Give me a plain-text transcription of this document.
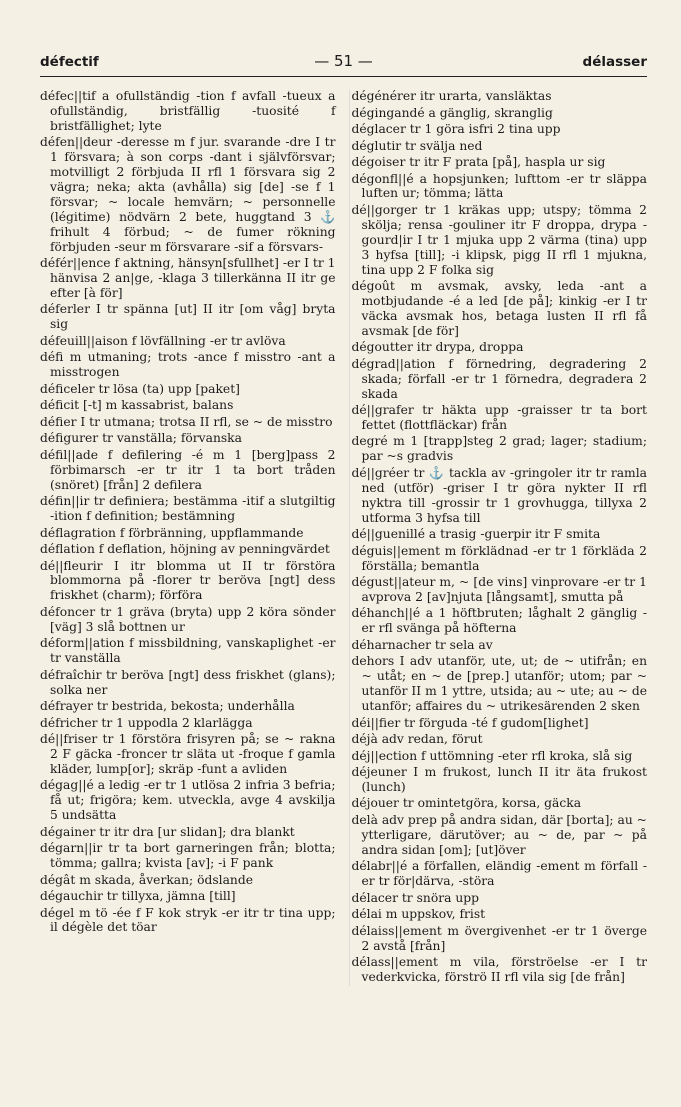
défectif	— 51 —	délasser

défec||tif a ofullständig -tion f avfall -tueux a ofullständig, bristfällig -tuosité f bristfällighet; lyte

défen||deur -deresse m f jur. svarande -dre I tr 1 försvara; à son corps -dant i självförsvar; motvilligt 2 förbjuda II rfl 1 försvara sig 2 vägra; neka; akta (avhålla) sig [de] -se f 1 försvar; ~ locale hemvärn; ~ personnelle (légitime) nödvärn 2 bete, huggtand 3 ⚓ frihult 4 förbud; ~ de fumer rökning förbjuden -seur m försvarare -sif a försvars-

défér||ence f aktning, hänsyn[sfullhet] -er I tr 1 hänvisa 2 an|ge, -klaga 3 tillerkänna II itr ge efter [à för]

déferler I tr spänna [ut] II itr [om våg] bryta sig

défeuill||aison f lövfällning -er tr avlöva

défi m utmaning; trots -ance f misstro -ant a misstrogen

déficeler tr lösa (ta) upp [paket]

déficit [-t] m kassabrist, balans

défier I tr utmana; trotsa II rfl, se ~ de misstro

défigurer tr vanställa; förvanska

défil||ade f defilering -é m 1 [berg]pass 2 förbimarsch -er tr itr 1 ta bort tråden (snöret) [från] 2 defilera

défin||ir tr definiera; bestämma -itif a slutgiltig -ition f definition; bestämning

déflagration f förbränning, uppflammande

déflation f deflation, höjning av penningvärdet

dé||fleurir I itr blomma ut II tr förstöra blommorna på -florer tr beröva [ngt] dess friskhet (charm); förföra

défoncer tr 1 gräva (bryta) upp 2 köra sönder [väg] 3 slå bottnen ur

déform||ation f missbildning, vanskaplighet -er tr vanställa

défraîchir tr beröva [ngt] dess friskhet (glans); solka ner

défrayer tr bestrida, bekosta; underhålla

défricher tr 1 uppodla 2 klarlägga

dé||friser tr 1 förstöra frisyren på; se ~ rakna 2 F gäcka -froncer tr släta ut -froque f gamla kläder, lump[or]; skräp -funt a avliden

dégag||é a ledig -er tr 1 utlösa 2 infria 3 befria; få ut; frigöra; kem. utveckla, avge 4 avskilja 5 undsätta

dégainer tr itr dra [ur slidan]; dra blankt

dégarn||ir tr ta bort garneringen från; blotta; tömma; gallra; kvista [av]; -i F pank

dégât m skada, åverkan; ödslande

dégauchir tr tillyxa, jämna [till]

dégel m tö -ée f F kok stryk -er itr tr tina upp; il dégèle det töar

dégénérer itr urarta, vansläktas

dégingandé a gänglig, skranglig

déglacer tr 1 göra isfri 2 tina upp

déglutir tr svälja ned

dégoiser tr itr F prata [på], haspla ur sig

dégonfl||é a hopsjunken; lufttom -er tr släppa luften ur; tömma; lätta

dé||gorger tr 1 kräkas upp; utspy; tömma 2 skölja; rensa -gouliner itr F droppa, drypa -gourd|ir I tr 1 mjuka upp 2 värma (tina) upp 3 hyfsa [till]; -i klipsk, pigg II rfl 1 mjukna, tina upp 2 F folka sig

dégoût m avsmak, avsky, leda -ant a motbjudande -é a led [de på]; kinkig -er I tr väcka avsmak hos, betaga lusten II rfl få avsmak [de för]

dégoutter itr drypa, droppa

dégrad||ation f förnedring, degradering 2 skada; förfall -er tr 1 förnedra, degradera 2 skada

dé||grafer tr häkta upp -graisser tr ta bort fettet (flottfläckar) från

degré m 1 [trapp]steg 2 grad; lager; stadium; par ~s gradvis

dé||gréer tr ⚓ tackla av -gringoler itr tr ramla ned (utför) -griser I tr göra nykter II rfl nyktra till -grossir tr 1 grovhugga, tillyxa 2 utforma 3 hyfsa till

dé||guenillé a trasig -guerpir itr F smita

déguis||ement m förklädnad -er tr 1 förkläda 2 förställa; bemantla

dégust||ateur m, ~ [de vins] vinprovare -er tr 1 avprova 2 [av]njuta [långsamt], smutta på

déhanch||é a 1 höftbruten; låghalt 2 gänglig -er rfl svänga på höfterna

déharnacher tr sela av

dehors I adv utanför, ute, ut; de ~ utifrån; en ~ utåt; en ~ de [prep.] utanför; utom; par ~ utanför II m 1 yttre, utsida; au ~ ute; au ~ de utanför; affaires du ~ utrikesärenden 2 sken

déi||fier tr förguda -té f gudom[lighet]

déjà adv redan, förut

déj||ection f uttömning -eter rfl kroka, slå sig

déjeuner I m frukost, lunch II itr äta frukost (lunch)

déjouer tr omintetgöra, korsa, gäcka

delà adv prep på andra sidan, där [borta]; au ~ ytterligare, därutöver; au ~ de, par ~ på andra sidan [om]; [ut]över

délabr||é a förfallen, eländig -ement m förfall -er tr för|därva, -störa

délacer tr snöra upp

délai m uppskov, frist

délaiss||ement m övergivenhet -er tr 1 överge 2 avstå [från]

délass||ement m vila, förströelse -er I tr vederkvicka, förströ II rfl vila sig [de från]
